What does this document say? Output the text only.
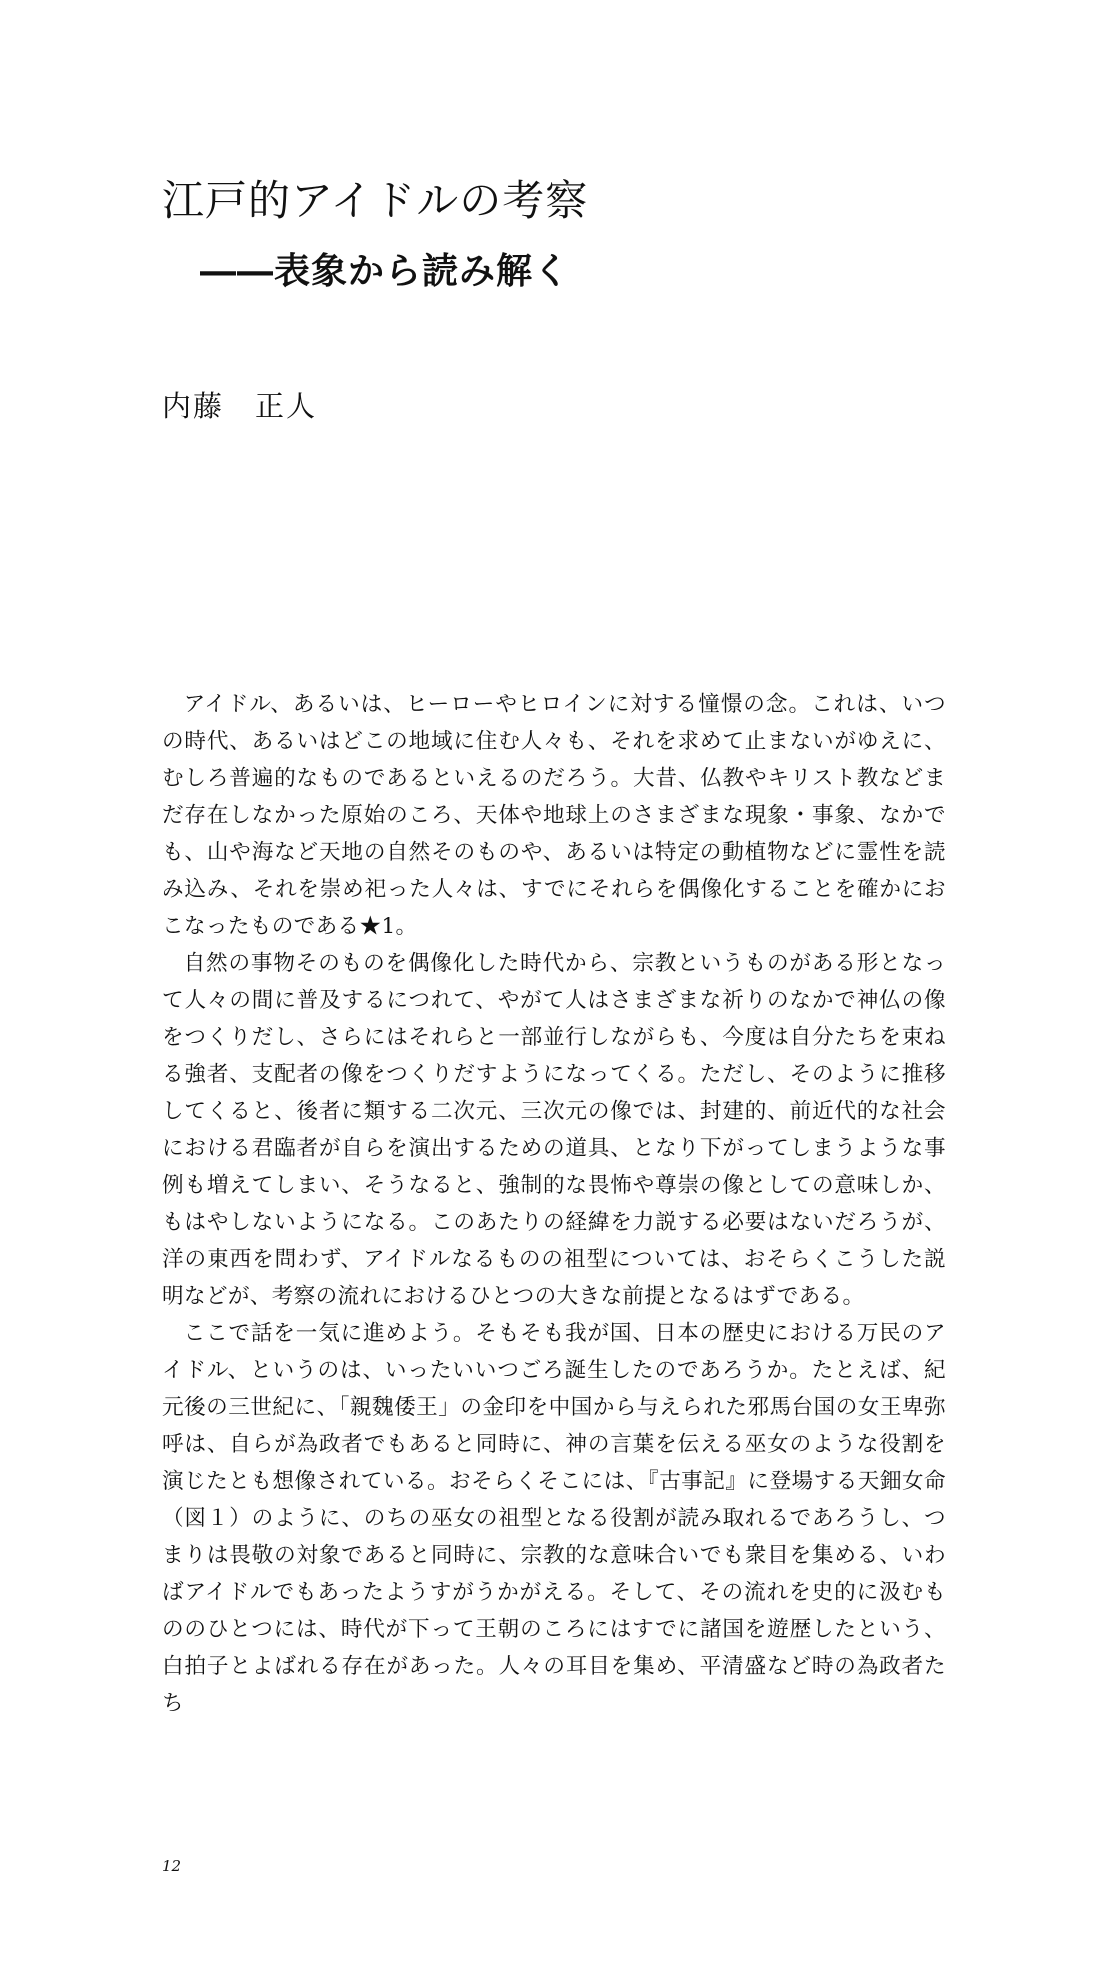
江戸的アイドルの考察
――表象から読み解く
内藤　正人

アイドル、あるいは、ヒーローやヒロインに対する憧憬の念。これは、いつの時代、あるいはどこの地域に住む人々も、それを求めて止まないがゆえに、むしろ普遍的なものであるといえるのだろう。大昔、仏教やキリスト教などまだ存在しなかった原始のころ、天体や地球上のさまざまな現象・事象、なかでも、山や海など天地の自然そのものや、あるいは特定の動植物などに霊性を読み込み、それを崇め祀った人々は、すでにそれらを偶像化することを確かにおこなったものである★1。

自然の事物そのものを偶像化した時代から、宗教というものがある形となって人々の間に普及するにつれて、やがて人はさまざまな祈りのなかで神仏の像をつくりだし、さらにはそれらと一部並行しながらも、今度は自分たちを束ねる強者、支配者の像をつくりだすようになってくる。ただし、そのように推移してくると、後者に類する二次元、三次元の像では、封建的、前近代的な社会における君臨者が自らを演出するための道具、となり下がってしまうような事例も増えてしまい、そうなると、強制的な畏怖や尊崇の像としての意味しか、もはやしないようになる。このあたりの経緯を力説する必要はないだろうが、洋の東西を問わず、アイドルなるものの祖型については、おそらくこうした説明などが、考察の流れにおけるひとつの大きな前提となるはずである。

ここで話を一気に進めよう。そもそも我が国、日本の歴史における万民のアイドル、というのは、いったいいつごろ誕生したのであろうか。たとえば、紀元後の三世紀に、「親魏倭王」の金印を中国から与えられた邪馬台国の女王卑弥呼は、自らが為政者でもあると同時に、神の言葉を伝える巫女のような役割を演じたとも想像されている。おそらくそこには、『古事記』に登場する天鈿女命（図１）のように、のちの巫女の祖型となる役割が読み取れるであろうし、つまりは畏敬の対象であると同時に、宗教的な意味合いでも衆目を集める、いわばアイドルでもあったようすがうかがえる。そして、その流れを史的に汲むもののひとつには、時代が下って王朝のころにはすでに諸国を遊歴したという、白拍子とよばれる存在があった。人々の耳目を集め、平清盛など時の為政者たち

12
